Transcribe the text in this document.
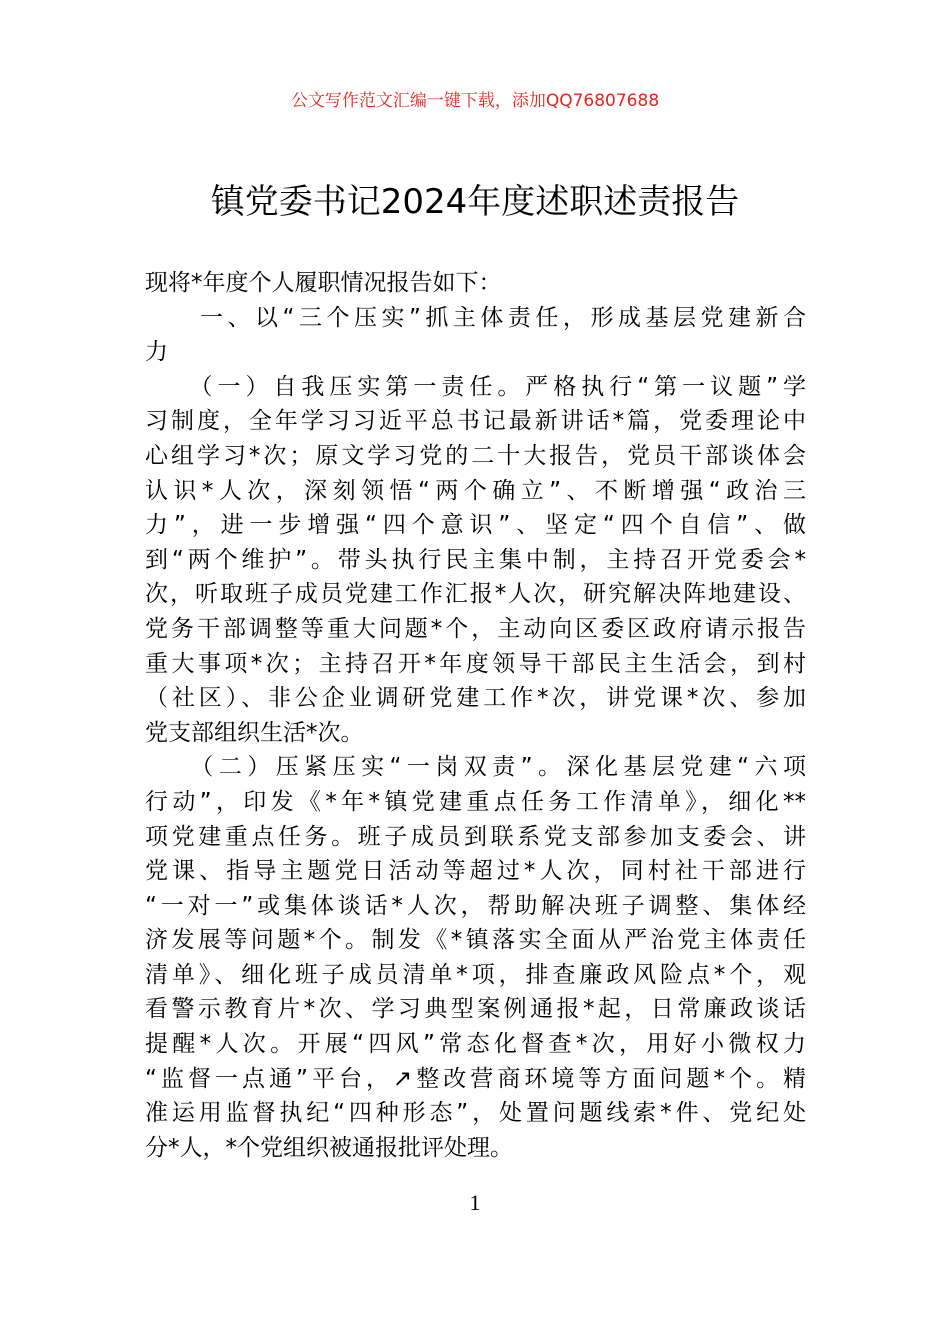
公文写作范文汇编一键下载，添加QQ76807688
镇党委书记2024年度述职述责报告
现将*年度个人履职情况报告如下：
　　一、以“三个压实”抓主体责任，形成基层党建新合
力
　　（一）自我压实第一责任。严格执行“第一议题”学
习制度，全年学习习近平总书记最新讲话*篇，党委理论中
心组学习*次；原文学习党的二十大报告，党员干部谈体会
认识*人次，深刻领悟“两个确立”、不断增强“政治三
力”，进一步增强“四个意识”、坚定“四个自信”、做
到“两个维护”。带头执行民主集中制，主持召开党委会*
次，听取班子成员党建工作汇报*人次，研究解决阵地建设、
党务干部调整等重大问题*个，主动向区委区政府请示报告
重大事项*次；主持召开*年度领导干部民主生活会，到村
（社区）、非公企业调研党建工作*次，讲党课*次、参加
党支部组织生活*次。
　　（二）压紧压实“一岗双责”。深化基层党建“六项
行动”，印发《*年*镇党建重点任务工作清单》，细化**
项党建重点任务。班子成员到联系党支部参加支委会、讲
党课、指导主题党日活动等超过*人次，同村社干部进行
“一对一”或集体谈话*人次，帮助解决班子调整、集体经
济发展等问题*个。制发《*镇落实全面从严治党主体责任
清单》、细化班子成员清单*项，排查廉政风险点*个，观
看警示教育片*次、学习典型案例通报*起，日常廉政谈话
提醒*人次。开展“四风”常态化督查*次，用好小微权力
“监督一点通”平台，↗整改营商环境等方面问题*个。精
准运用监督执纪“四种形态”，处置问题线索*件、党纪处
分*人，*个党组织被通报批评处理。
1
